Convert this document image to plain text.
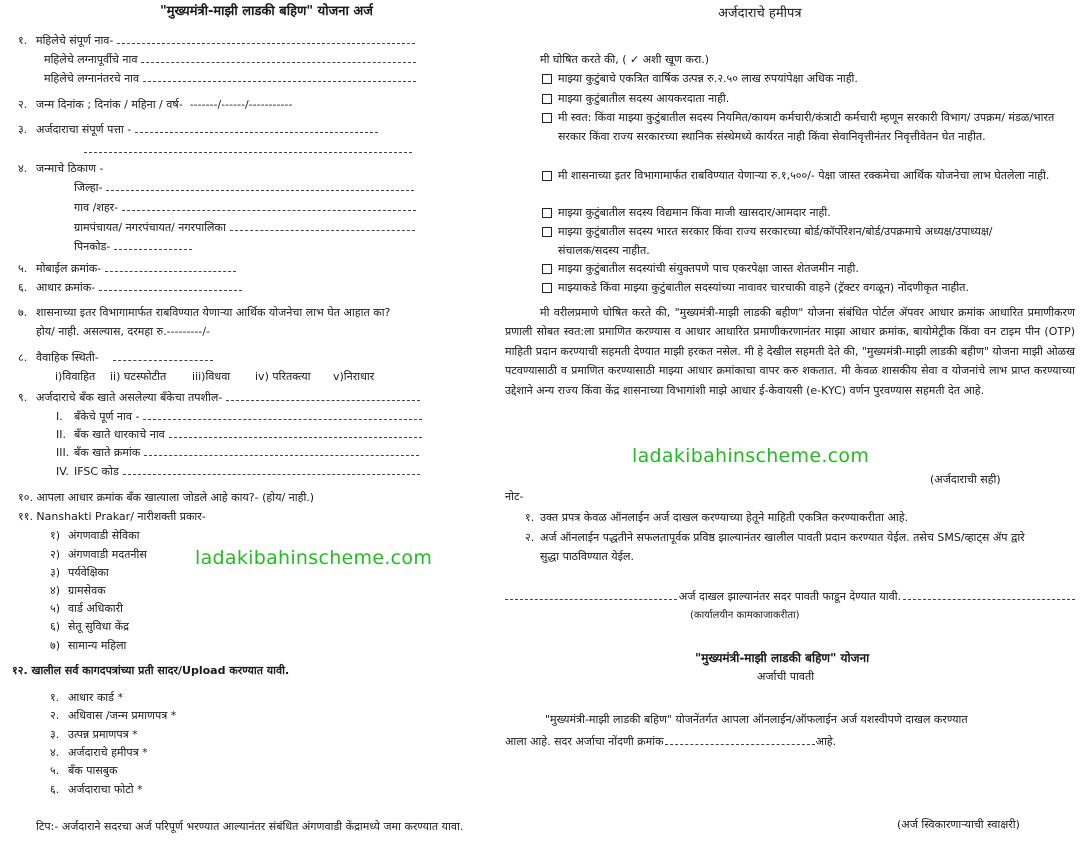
"मुख्यमंत्री-माझी लाडकी बहिण" योजना अर्ज
१. महिलेचे संपूर्ण नाव-
महिलेचे लग्नापूर्वीचे नाव
महिलेचे लग्नानंतरचे नाव
२. जन्म दिनांक ; दिनांक / महिना / वर्ष-
-------/------/-----------
३. अर्जदाराचा संपूर्ण पत्ता -
४. जन्माचे ठिकाण -
जिल्हा-
गाव /शहर-
ग्रामपंचायत/ नगरपंचायत/ नगरपालिका
पिनकोड-
५. मोबाईल क्रमांक-
६. आधार क्रमांक-
७. शासनाच्या इतर विभागामार्फत राबविण्यात येणाऱ्या आर्थिक योजनेचा लाभ घेत आहात का?
होय/ नाही. असल्यास, दरमहा रु.---------/-
८. वैवाहिक स्थिती-
i)विवाहित ii) घटस्फोटीत iii)विधवा iv) परितक्त्या v)निराधार
९. अर्जदाराचे बँक खाते असलेल्या बँकेचा तपशील-
I.	बँकेचे पूर्ण नाव -
II. बँक खाते धारकाचे नाव
III. बँक खाते क्रमांक
IV. IFSC कोड
१०. आपला आधार क्रमांक बँक खात्याला जोडले आहे काय?- (होय/ नाही.)
११. Nanshakti Prakar/ नारीशक्ती प्रकार-
१) अंगणवाडी सेविका
२) अंगणवाडी मदतनीस
३) पर्यवेक्षिका
४) ग्रामसेवक
५) वार्ड अधिकारी
६) सेतू सुविधा केंद्र
७) सामान्य महिला
ladakibahinscheme.com
१२. खालील सर्व कागदपत्रांच्या प्रती सादर/Upload करण्यात यावी.
१. आधार कार्ड *
२. अधिवास /जन्म प्रमाणपत्र *
३. उत्पन्न प्रमाणपत्र *
४. अर्जदाराचे हमीपत्र *
५. बँक पासबुक
६. अर्जदाराचा फोटो *
टिप:- अर्जदाराने सदरचा अर्ज परिपूर्ण भरण्यात आल्यानंतर संबंधित अंगणवाडी केंद्रामध्ये जमा करण्यात यावा.
अर्जदाराचे हमीपत्र
मी घोषित करते की, ( ✓ अशी खूण करा.)
माझ्या कुटुंबाचे एकत्रित वार्षिक उत्पन्न रु.२.५० लाख रुपयांपेक्षा अधिक नाही.
माझ्या कुटुंबातील सदस्य आयकरदाता नाही.
मी स्वत: किंवा माझ्या कुटुंबातील सदस्य नियमित/कायम कर्मचारी/कंत्राटी कर्मचारी म्हणून सरकारी विभाग/ उपक्रम/ मंडळ/भारत सरकार किंवा राज्य सरकारच्या स्थानिक संस्थेमध्ये कार्यरत नाही किंवा सेवानिवृत्तीनंतर निवृत्तीवेतन घेत नाहीत.
मी शासनाच्या इतर विभागामार्फत राबविण्यात येणाऱ्या रु.१,५००/- पेक्षा जास्त रक्कमेचा आर्थिक योजनेचा लाभ घेतलेला नाही.
माझ्या कुटुंबातील सदस्य विद्यमान किंवा माजी खासदार/आमदार नाही.
माझ्या कुटुंबातील सदस्य भारत सरकार किंवा राज्य सरकारच्या बोर्ड/कॉर्पोरेशन/बोर्ड/उपक्रमाचे अध्यक्ष/उपाध्यक्ष/संचालक/सदस्य नाहीत.
माझ्या कुटुंबातील सदस्यांची संयुक्तपणे पाच एकरपेक्षा जास्त शेतजमीन नाही.
माझ्याकडे किंवा माझ्या कुटुंबातील सदस्यांच्या नावावर चारचाकी वाहने (ट्रॅक्टर वगळून) नोंदणीकृत नाहीत.
मी वरीलप्रमाणे घोषित करते की, "मुख्यमंत्री-माझी लाडकी बहीण" योजना संबंधित पोर्टल ॲपवर आधार क्रमांक आधारित प्रमाणीकरण प्रणाली सोबत स्वत:ला प्रमाणित करण्यास व आधार आधारित प्रमाणीकरणानंतर माझा आधार क्रमांक, बायोमेट्रीक किंवा वन टाइम पीन (OTP) माहिती प्रदान करण्याची सहमती देण्यात माझी हरकत नसेल. मी हे देखील सहमती देते की, "मुख्यमंत्री-माझी लाडकी बहीण" योजना माझी ओळख पटवण्यासाठी व प्रमाणित करण्यासाठी माझ्या आधार क्रमांकाचा वापर करु शकतात. मी केवळ शासकीय सेवा व योजनांचे लाभ प्राप्त करण्याच्या उद्देशाने अन्य राज्य किंवा केंद्र शासनाच्या विभागांशी माझे आधार ई-केवायसी (e-KYC) वर्णन पुरवण्यास सहमती देत आहे.
ladakibahinscheme.com
(अर्जदाराची सही)
नोट-
१. उक्त प्रपत्र केवळ ऑनलाईन अर्ज दाखल करण्याच्या हेतूने माहिती एकत्रित करण्याकरीता आहे.
२. अर्ज ऑनलाईन पद्धतीने सफलतापूर्वक प्रविष्ठ झाल्यानंतर खालील पावती प्रदान करण्यात येईल. तसेच SMS/व्हाट्स ॲप द्वारे सुद्धा पाठविण्यात येईल.
अर्ज दाखल झाल्यानंतर सदर पावती फाडून देण्यात यावी.
(कार्यालयीन कामकाजाकरीता)
"मुख्यमंत्री-माझी लाडकी बहिण" योजना
अर्जाची पावती
"मुख्यमंत्री-माझी लाडकी बहिण" योजनेंतर्गत आपला ऑनलाईन/ऑफलाईन अर्ज यशस्वीपणे दाखल करण्यात
आला आहे. सदर अर्जाचा नोंदणी क्रमांक	आहे.
(अर्ज स्विकारणाऱ्याची स्वाक्षरी)
